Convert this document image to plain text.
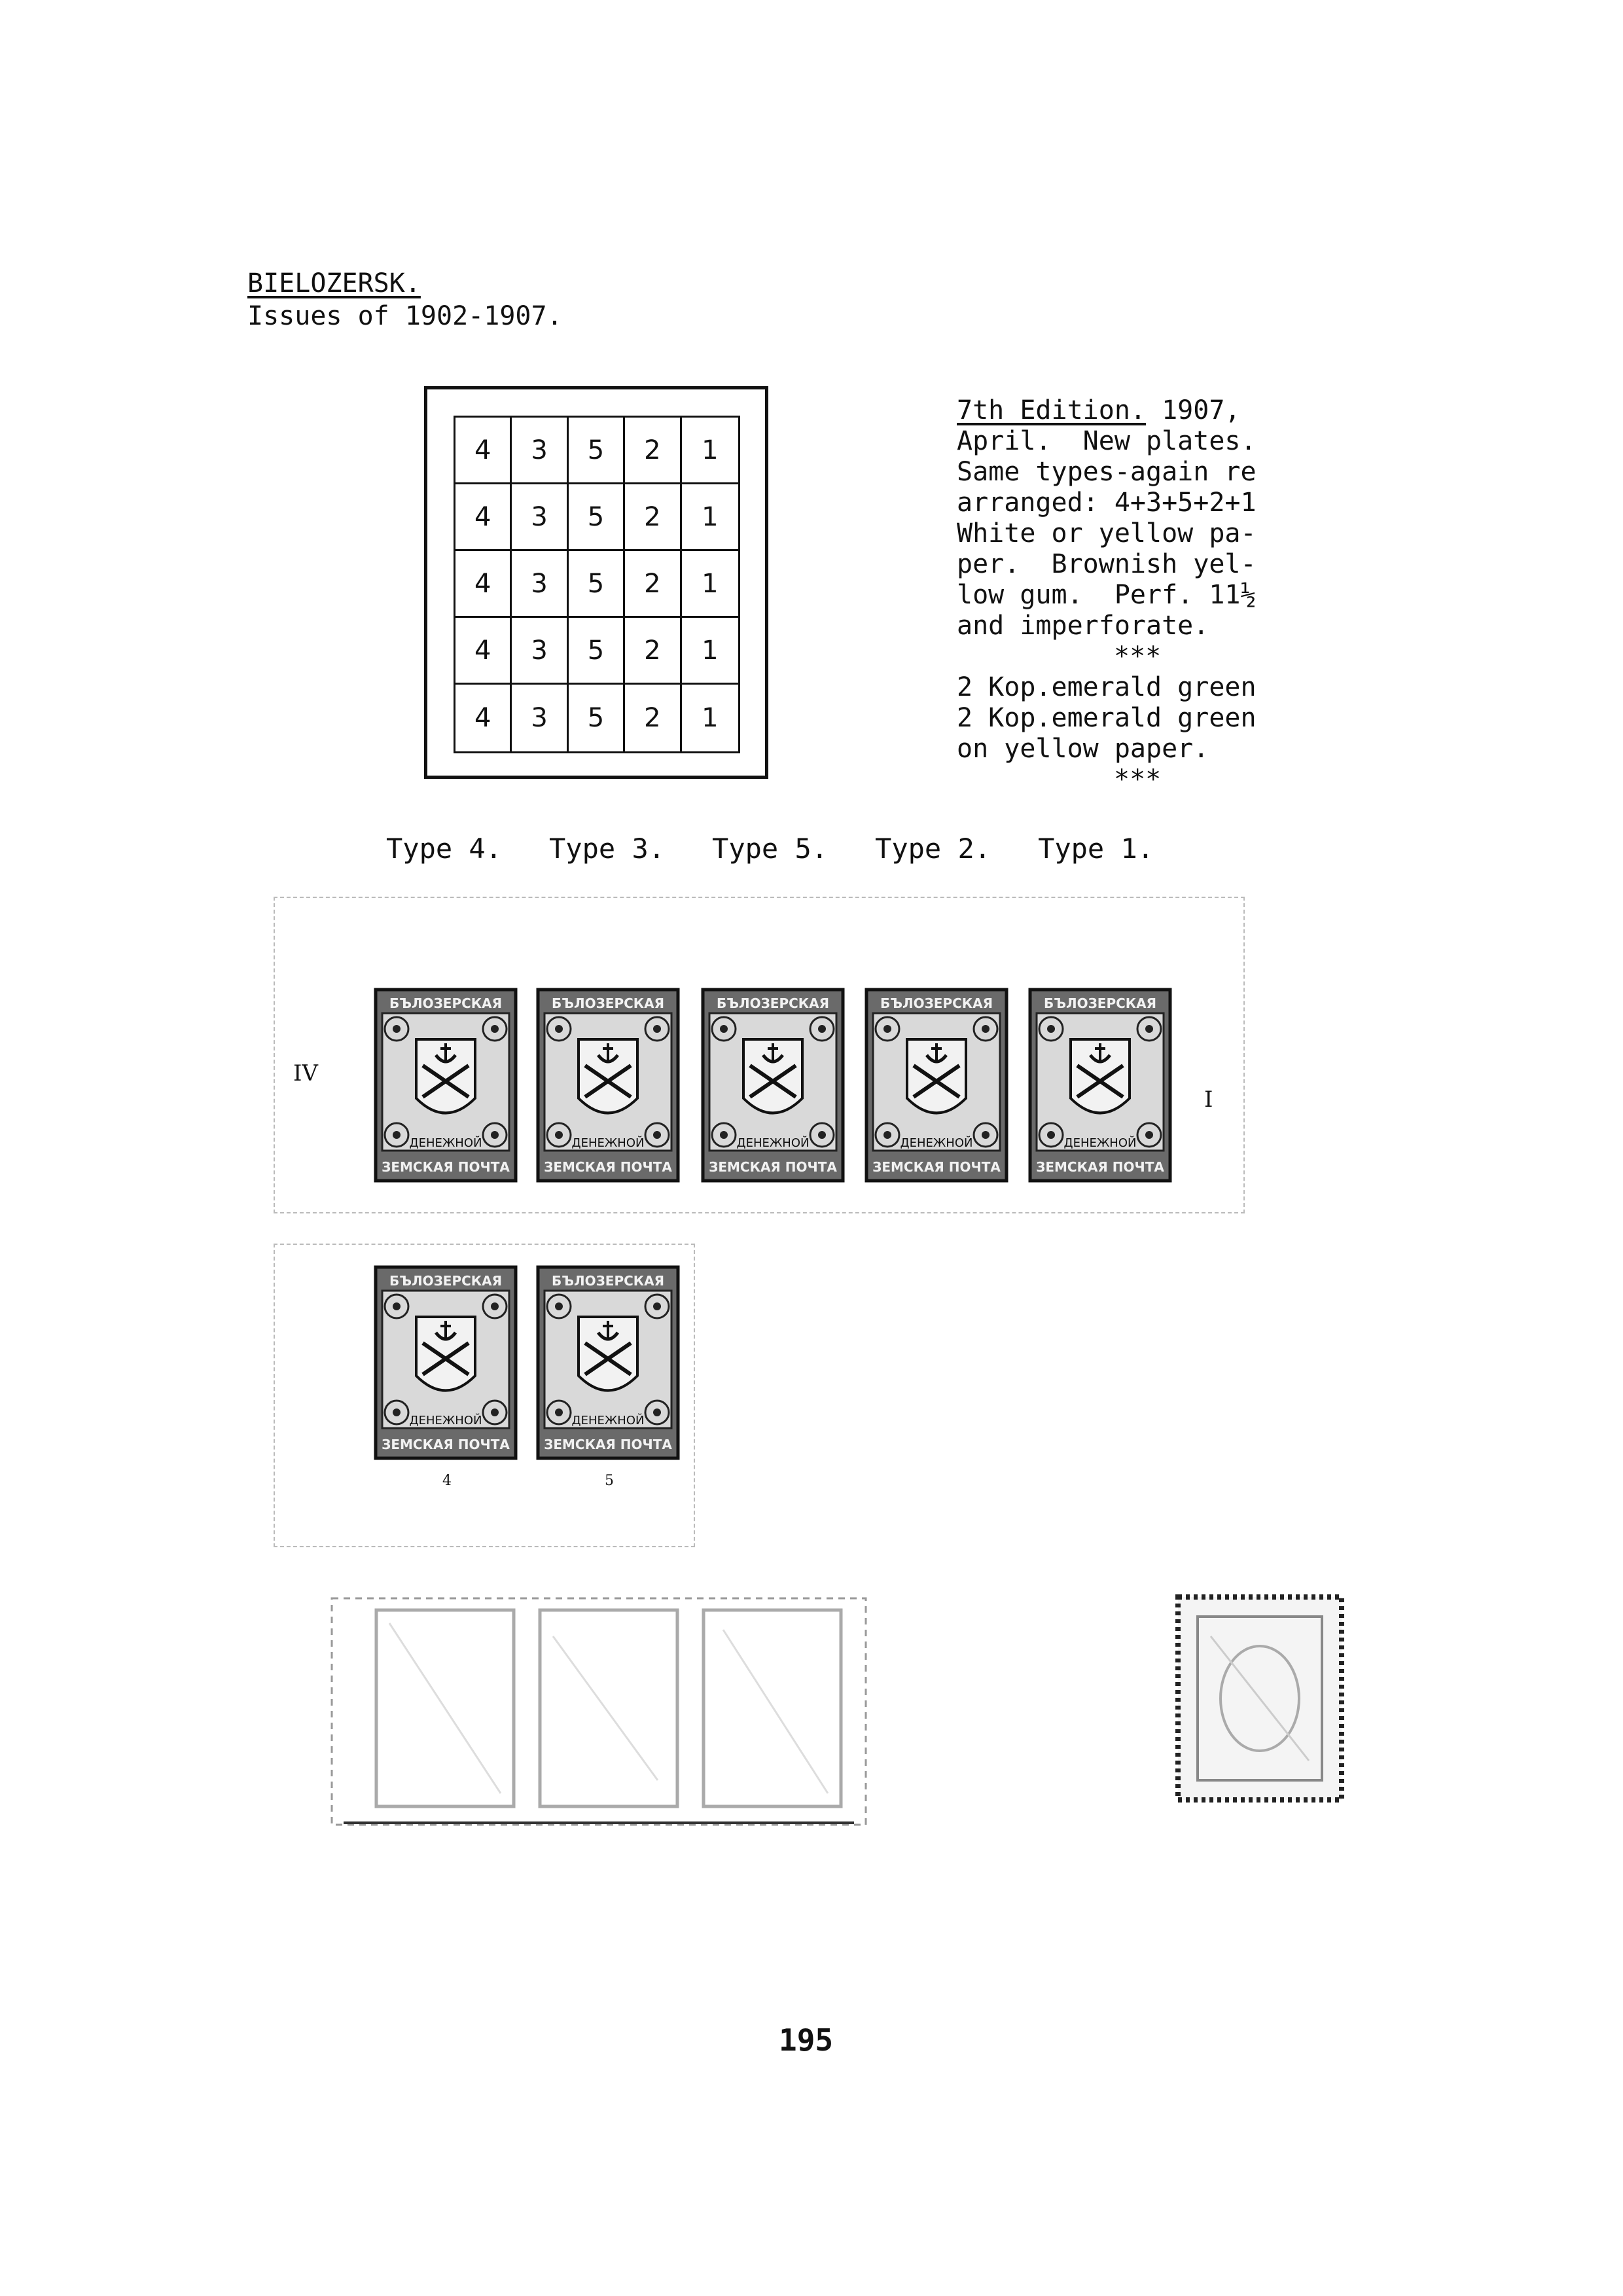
BIELOZERSK.
Issues of 1902-1907.
4	3	5	2	1
4	3	5	2	1
4	3	5	2	1
4	3	5	2	1
4	3	5	2	1
7th Edition. 1907,
April.  New plates.
Same types-again re
arranged: 4+3+5+2+1
White or yellow pa-
per.  Brownish yel-
low gum.  Perf. 11½
and imperforate.
***
2 Kop.emerald green
2 Kop.emerald green
on yellow paper.
***
Type 4. Type 3. Type 5. Type 2. Type 1.
IV
I
БЪЛОЗЕРСКАЯ
ДЕНЕЖНОЙ
ЗЕМСКАЯ ПОЧТА
БЪЛОЗЕРСКАЯ
ДЕНЕЖНОЙ
ЗЕМСКАЯ ПОЧТА
БЪЛОЗЕРСКАЯ
ДЕНЕЖНОЙ
ЗЕМСКАЯ ПОЧТА
БЪЛОЗЕРСКАЯ
ДЕНЕЖНОЙ
ЗЕМСКАЯ ПОЧТА
БЪЛОЗЕРСКАЯ
ДЕНЕЖНОЙ
ЗЕМСКАЯ ПОЧТА
БЪЛОЗЕРСКАЯ
ДЕНЕЖНОЙ
ЗЕМСКАЯ ПОЧТА
БЪЛОЗЕРСКАЯ
ДЕНЕЖНОЙ
ЗЕМСКАЯ ПОЧТА
4	5
195
